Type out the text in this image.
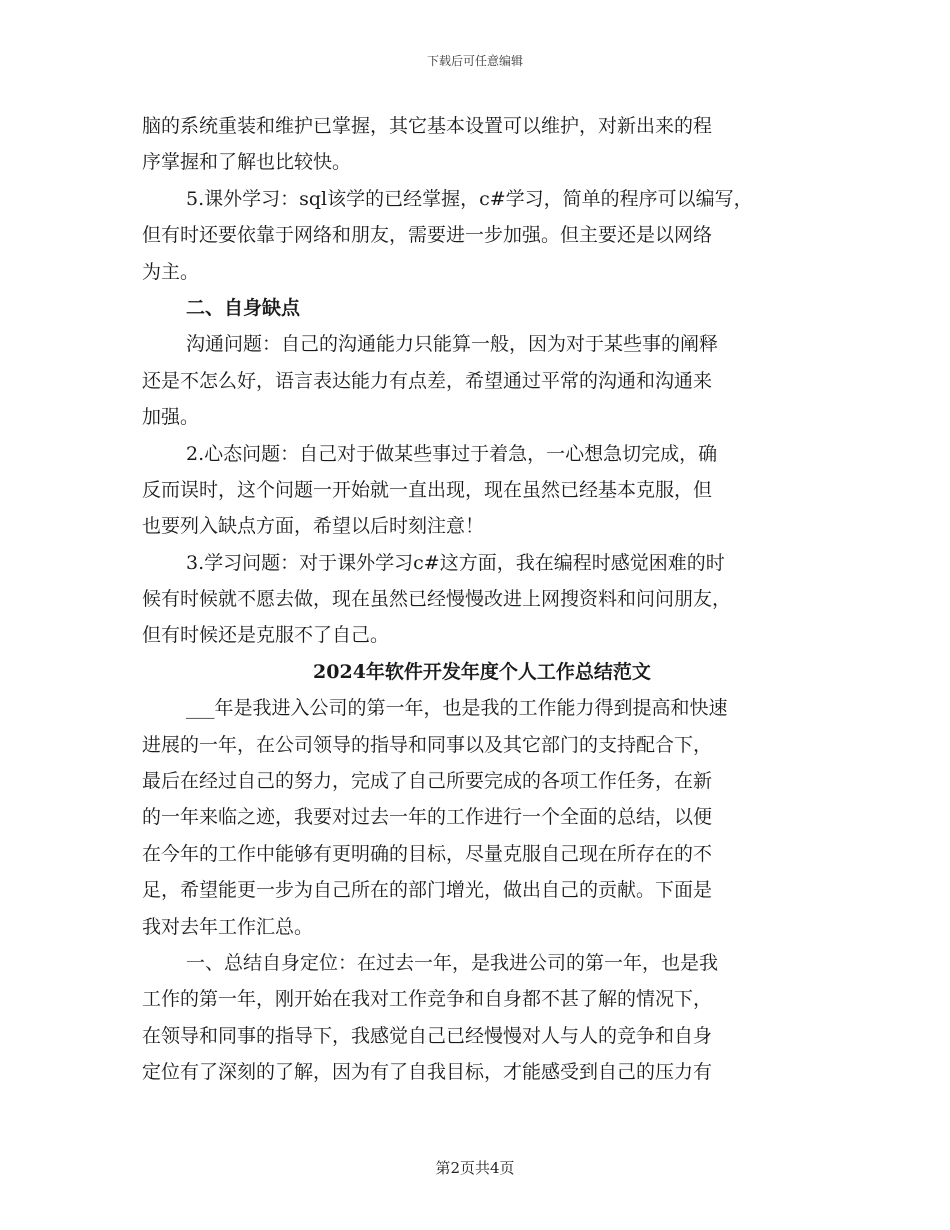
下载后可任意编辑
脑的系统重装和维护已掌握，其它基本设置可以维护，对新出来的程
序掌握和了解也比较快。
5.课外学习：sql该学的已经掌握，c#学习，简单的程序可以编写，
但有时还要依靠于网络和朋友，需要进一步加强。但主要还是以网络
为主。
二、自身缺点
沟通问题：自己的沟通能力只能算一般，因为对于某些事的阐释
还是不怎么好，语言表达能力有点差，希望通过平常的沟通和沟通来
加强。
2.心态问题：自己对于做某些事过于着急，一心想急切完成，确
反而误时，这个问题一开始就一直出现，现在虽然已经基本克服，但
也要列入缺点方面，希望以后时刻注意！
3.学习问题：对于课外学习c#这方面，我在编程时感觉困难的时
候有时候就不愿去做，现在虽然已经慢慢改进上网搜资料和问问朋友，
但有时候还是克服不了自己。
2024年软件开发年度个人工作总结范文
___年是我进入公司的第一年，也是我的工作能力得到提高和快速
进展的一年，在公司领导的指导和同事以及其它部门的支持配合下，
最后在经过自己的努力，完成了自己所要完成的各项工作任务，在新
的一年来临之迹，我要对过去一年的工作进行一个全面的总结，以便
在今年的工作中能够有更明确的目标，尽量克服自己现在所存在的不
足，希望能更一步为自己所在的部门增光，做出自己的贡献。下面是
我对去年工作汇总。
一、总结自身定位：在过去一年，是我进公司的第一年，也是我
工作的第一年，刚开始在我对工作竞争和自身都不甚了解的情况下，
在领导和同事的指导下，我感觉自己已经慢慢对人与人的竞争和自身
定位有了深刻的了解，因为有了自我目标，才能感受到自己的压力有
第2页共4页
